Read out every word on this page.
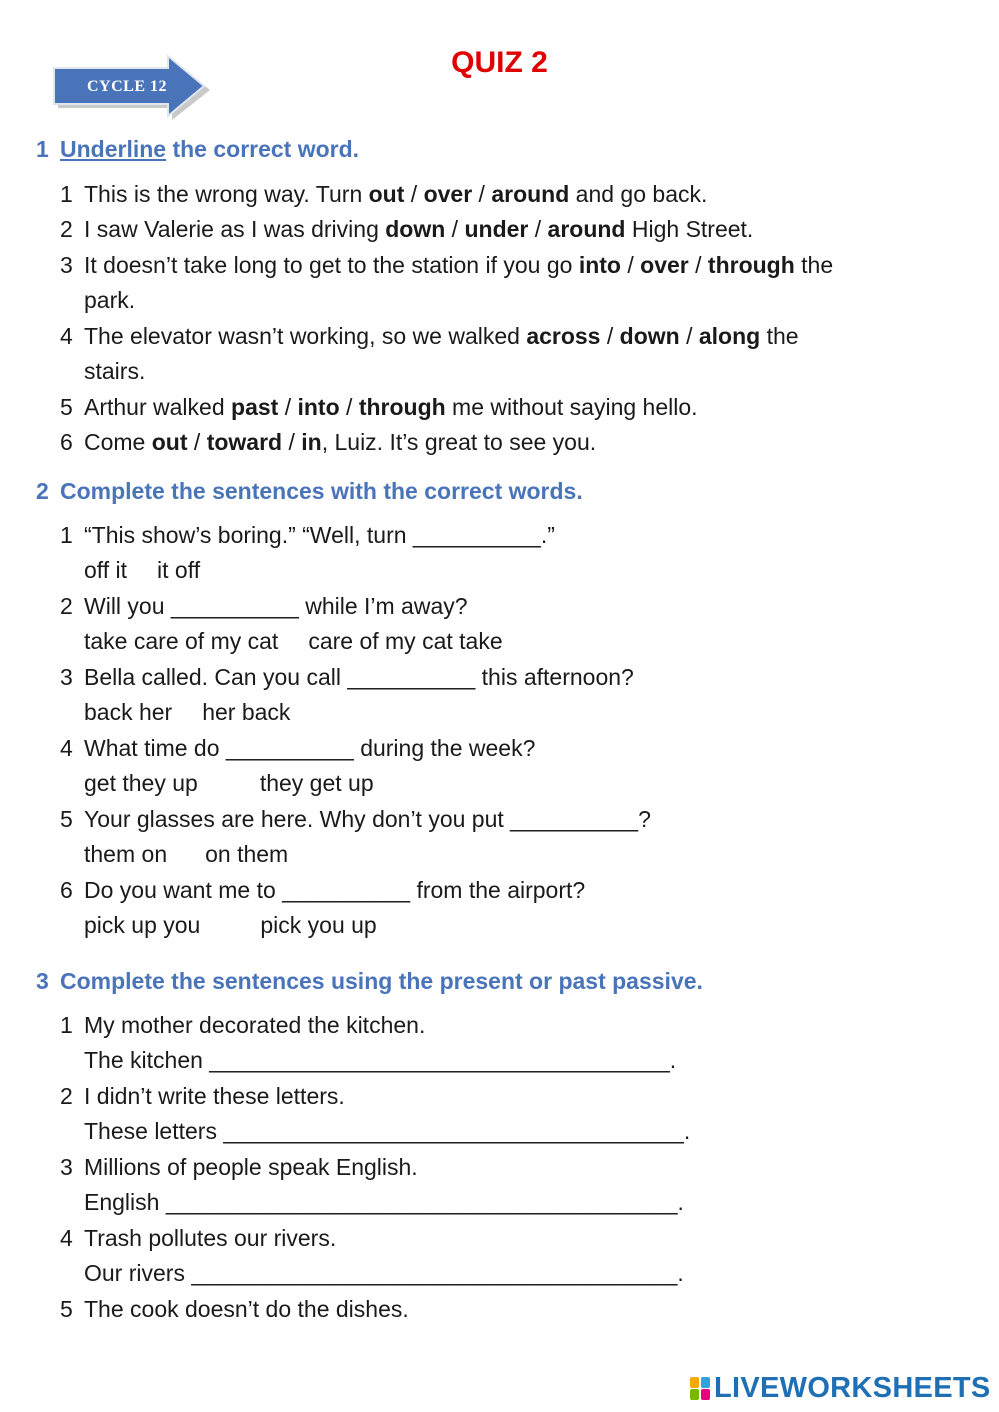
CYCLE 12
QUIZ 2
1 Underline the correct word.
1 This is the wrong way. Turn out / over / around and go back.
2 I saw Valerie as I was driving down / under / around High Street.
3 It doesn’t take long to get to the station if you go into / over / through the
park.
4 The elevator wasn’t working, so we walked across / down / along the
stairs.
5 Arthur walked past / into / through me without saying hello.
6 Come out / toward / in, Luiz. It’s great to see you.
2 Complete the sentences with the correct words.
1 “This show’s boring.” “Well, turn __________.”
off it it off
2 Will you __________ while I’m away?
take care of my cat care of my cat take
3 Bella called. Can you call __________ this afternoon?
back her her back
4 What time do __________ during the week?
get they up	they get up
5 Your glasses are here. Why don’t you put __________?
them on on them
6 Do you want me to __________ from the airport?
pick up you	pick you up
3 Complete the sentences using the present or past passive.
1 My mother decorated the kitchen.
The kitchen ____________________________________.
2 I didn’t write these letters.
These letters ____________________________________.
3 Millions of people speak English.
English ________________________________________.
4 Trash pollutes our rivers.
Our rivers ______________________________________.
5 The cook doesn’t do the dishes.
LIVEWORKSHEETS
